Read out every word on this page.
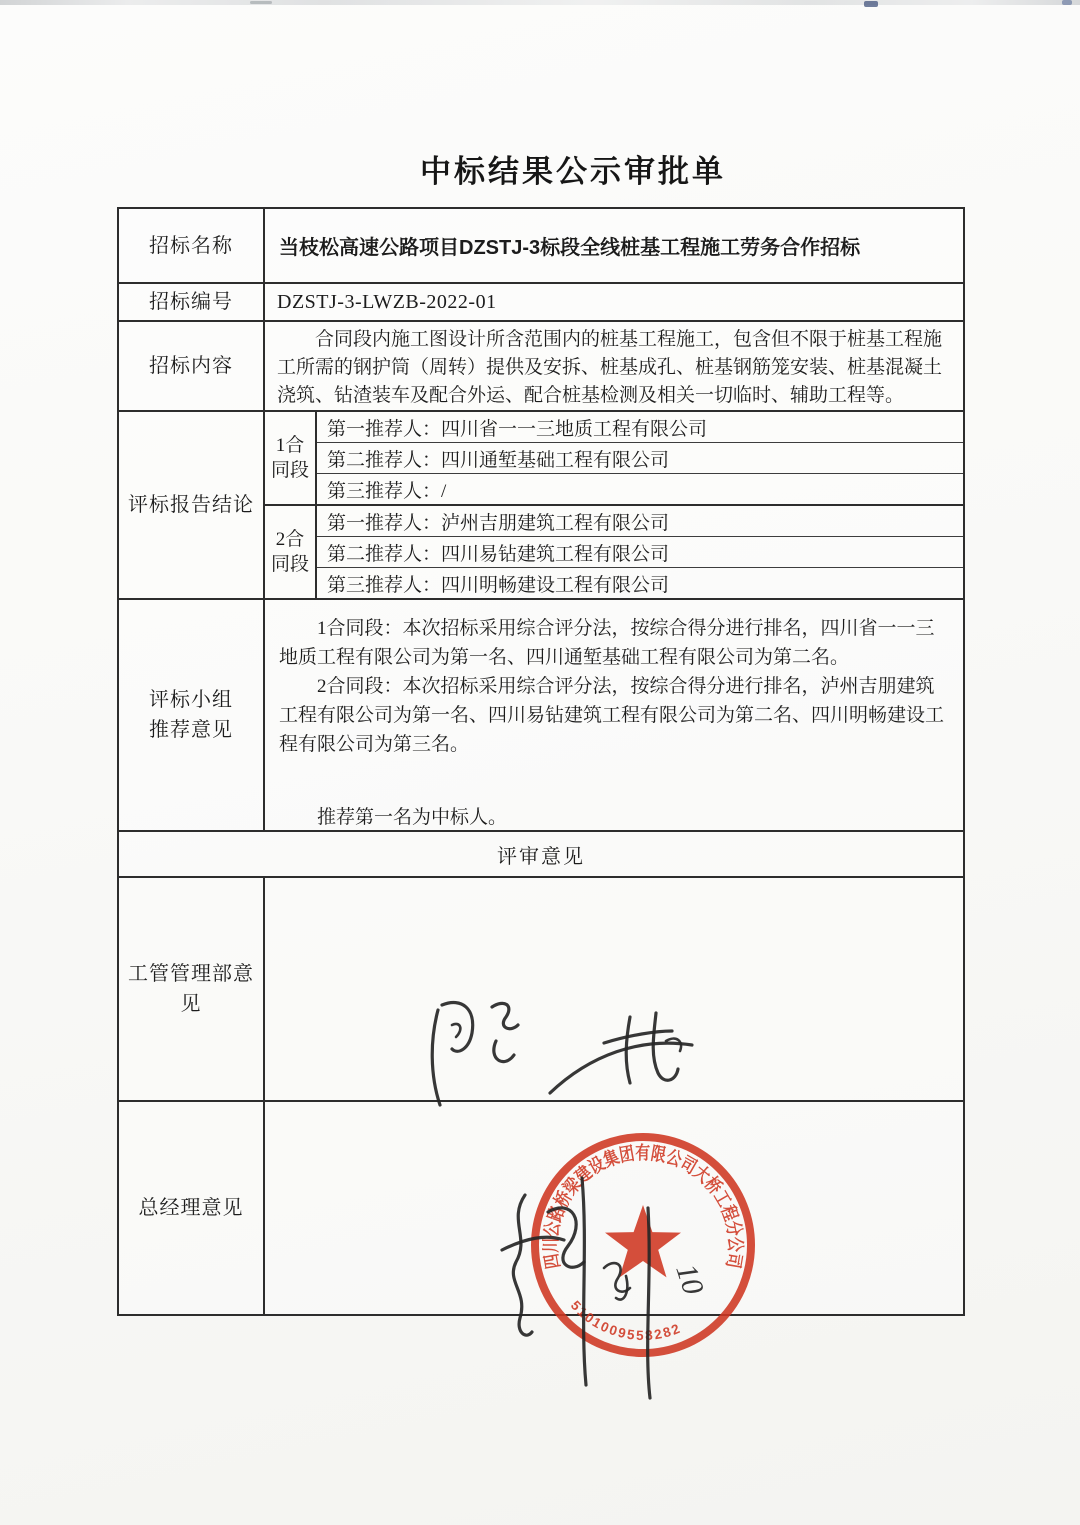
中标结果公示审批单
招标名称	当枝松高速公路项目DZSTJ-3标段全线桩基工程施工劳务合作招标
招标编号	DZSTJ-3-LWZB-2022-01
招标内容
合同段内施工图设计所含范围内的桩基工程施工，包含但不限于桩基工程施工所需的钢护筒（周转）提供及安拆、桩基成孔、桩基钢筋笼安装、桩基混凝土浇筑、钻渣装车及配合外运、配合桩基检测及相关一切临时、辅助工程等。
评标报告结论
1合同段
第一推荐人：四川省一一三地质工程有限公司
第二推荐人：四川通堑基础工程有限公司
第三推荐人：/
2合同段
第一推荐人：泸州吉朋建筑工程有限公司
第二推荐人：四川易钻建筑工程有限公司
第三推荐人：四川明畅建设工程有限公司
评标小组
推荐意见

1合同段：本次招标采用综合评分法，按综合得分进行排名，四川省一一三地质工程有限公司为第一名、四川通堑基础工程有限公司为第二名。

2合同段：本次招标采用综合评分法，按综合得分进行排名，泸州吉朋建筑工程有限公司为第一名、四川易钻建筑工程有限公司为第二名、四川明畅建设工程有限公司为第三名。

推荐第一名为中标人。

评审意见
工管管理部意见
总经理意见
四川公路桥梁建设集团有限公司大桥工程分公司
5101009558282
10
